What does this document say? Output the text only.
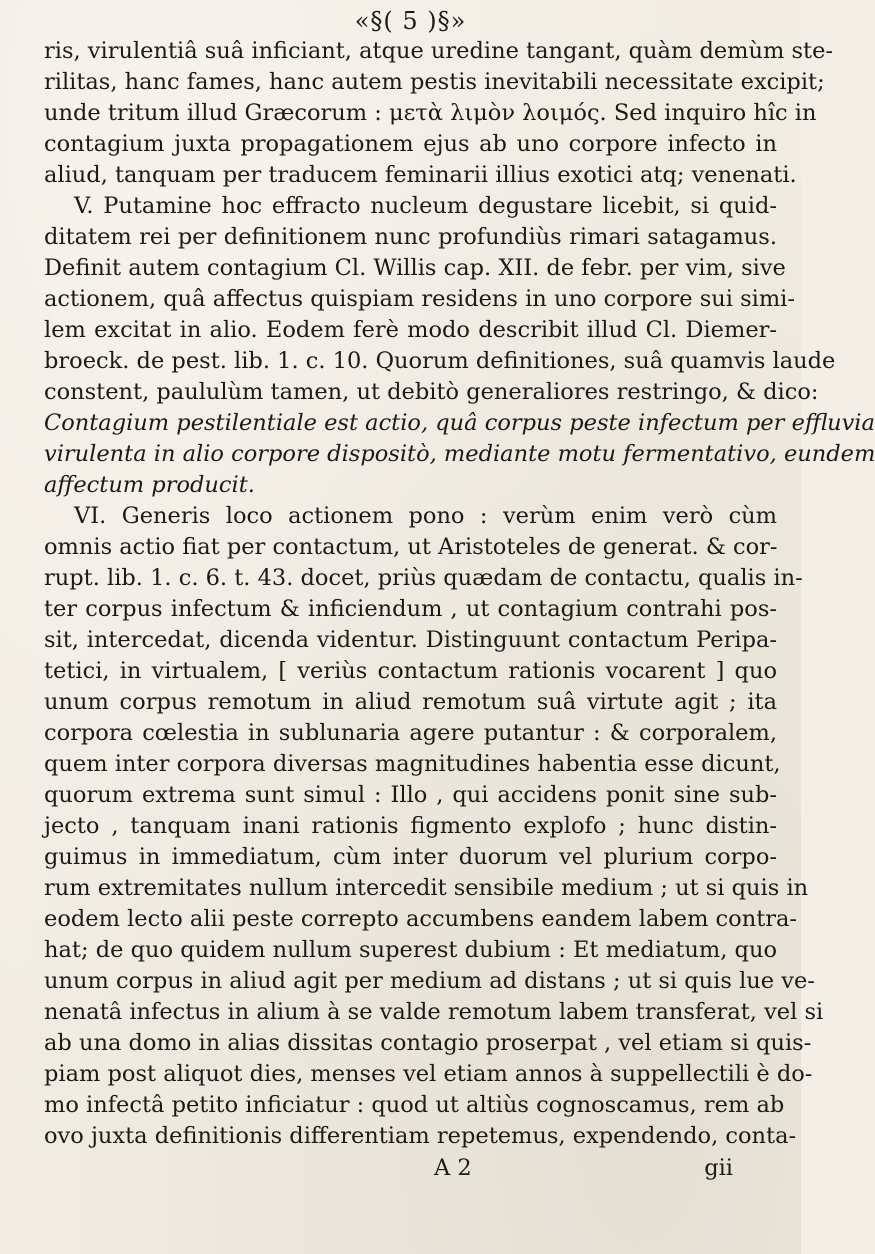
«§( 5 )§»
ris, virulentiâ suâ inficiant, atque uredine tangant, quàm demùm ste-
rilitas, hanc fames, hanc autem pestis inevitabili necessitate excipit;
unde tritum illud Græcorum : μετὰ λιμὸν λοιμός. Sed inquiro hîc in
contagium juxta propagationem ejus ab uno corpore infecto in
aliud, tanquam per traducem feminarii illius exotici atq; venenati.
V. Putamine hoc effracto nucleum degustare licebit, si quid-
ditatem rei per definitionem nunc profundiùs rimari satagamus.
Definit autem contagium Cl. Willis cap. XII. de febr. per vim, sive
actionem, quâ affectus quispiam residens in uno corpore sui simi-
lem excitat in alio. Eodem ferè modo describit illud Cl. Diemer-
broeck. de pest. lib. 1. c. 10. Quorum definitiones, suâ quamvis laude
constent, paululùm tamen, ut debitò generaliores restringo, & dico:
Contagium pestilentiale est actio, quâ corpus peste infectum per effluvia
virulenta in alio corpore dispositò, mediante motu fermentativo, eundem
affectum producit.
VI. Generis loco actionem pono : verùm enim verò cùm
omnis actio fiat per contactum, ut Aristoteles de generat. & cor-
rupt. lib. 1. c. 6. t. 43. docet, priùs quædam de contactu, qualis in-
ter corpus infectum & inficiendum , ut contagium contrahi pos-
sit, intercedat, dicenda videntur. Distinguunt contactum Peripa-
tetici, in virtualem, [ veriùs contactum rationis vocarent ] quo
unum corpus remotum in aliud remotum suâ virtute agit ; ita
corpora cœlestia in sublunaria agere putantur : & corporalem,
quem inter corpora diversas magnitudines habentia esse dicunt,
quorum extrema sunt simul : Illo , qui accidens ponit sine sub-
jecto , tanquam inani rationis figmento explofo ; hunc distin-
guimus in immediatum, cùm inter duorum vel plurium corpo-
rum extremitates nullum intercedit sensibile medium ; ut si quis in
eodem lecto alii peste correpto accumbens eandem labem contra-
hat; de quo quidem nullum superest dubium : Et mediatum, quo
unum corpus in aliud agit per medium ad distans ; ut si quis lue ve-
nenatâ infectus in alium à se valde remotum labem transferat, vel si
ab una domo in alias dissitas contagio proserpat , vel etiam si quis-
piam post aliquot dies, menses vel etiam annos à suppellectili è do-
mo infectâ petito inficiatur : quod ut altiùs cognoscamus, rem ab
ovo juxta definitionis differentiam repetemus, expendendo, conta-
A 2	gii
